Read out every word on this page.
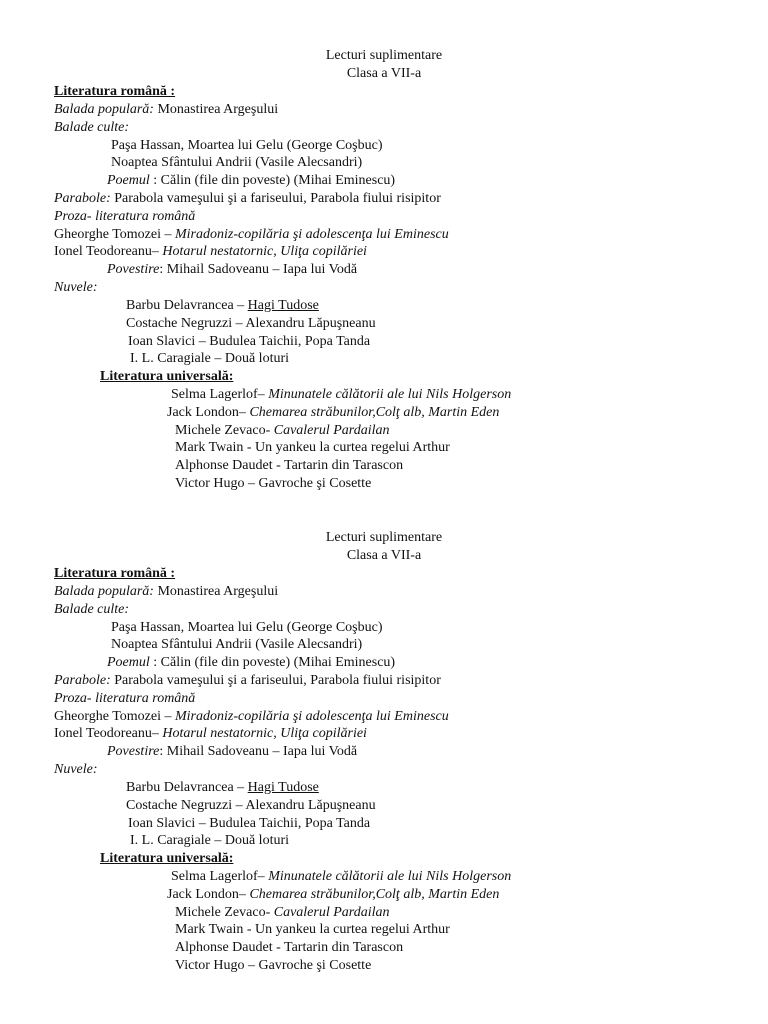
Lecturi suplimentare
Clasa a VII-a
Literatura română :
Balada populară: Monastirea Argeşului
Balade culte:
Paşa Hassan, Moartea lui Gelu (George Coşbuc)
Noaptea Sfântului Andrii (Vasile Alecsandri)
Poemul : Călin (file din poveste) (Mihai Eminescu)
Parabole: Parabola vameşului şi a fariseului, Parabola fiului risipitor
Proza- literatura română
Gheorghe Tomozei – Miradoniz-copilăria şi adolescenţa lui Eminescu
Ionel Teodoreanu– Hotarul nestatornic, Uliţa copilăriei
Povestire: Mihail Sadoveanu – Iapa lui Vodă
Nuvele:
Barbu Delavrancea – Hagi Tudose
Costache Negruzzi – Alexandru Lăpuşneanu
Ioan Slavici – Budulea Taichii, Popa Tanda
I. L. Caragiale – Două loturi
Literatura universală:
Selma Lagerlof– Minunatele călătorii ale lui Nils Holgerson
Jack London– Chemarea străbunilor,Colţ alb, Martin Eden
Michele Zevaco- Cavalerul Pardailan
Mark Twain - Un yankeu la curtea regelui Arthur
Alphonse Daudet - Tartarin din Tarascon
Victor Hugo – Gavroche şi Cosette
Lecturi suplimentare
Clasa a VII-a
Literatura română :
Balada populară: Monastirea Argeşului
Balade culte:
Paşa Hassan, Moartea lui Gelu (George Coşbuc)
Noaptea Sfântului Andrii (Vasile Alecsandri)
Poemul : Călin (file din poveste) (Mihai Eminescu)
Parabole: Parabola vameşului şi a fariseului, Parabola fiului risipitor
Proza- literatura română
Gheorghe Tomozei – Miradoniz-copilăria şi adolescenţa lui Eminescu
Ionel Teodoreanu– Hotarul nestatornic, Uliţa copilăriei
Povestire: Mihail Sadoveanu – Iapa lui Vodă
Nuvele:
Barbu Delavrancea – Hagi Tudose
Costache Negruzzi – Alexandru Lăpuşneanu
Ioan Slavici – Budulea Taichii, Popa Tanda
I. L. Caragiale – Două loturi
Literatura universală:
Selma Lagerlof– Minunatele călătorii ale lui Nils Holgerson
Jack London– Chemarea străbunilor,Colţ alb, Martin Eden
Michele Zevaco- Cavalerul Pardailan
Mark Twain - Un yankeu la curtea regelui Arthur
Alphonse Daudet - Tartarin din Tarascon
Victor Hugo – Gavroche şi Cosette
